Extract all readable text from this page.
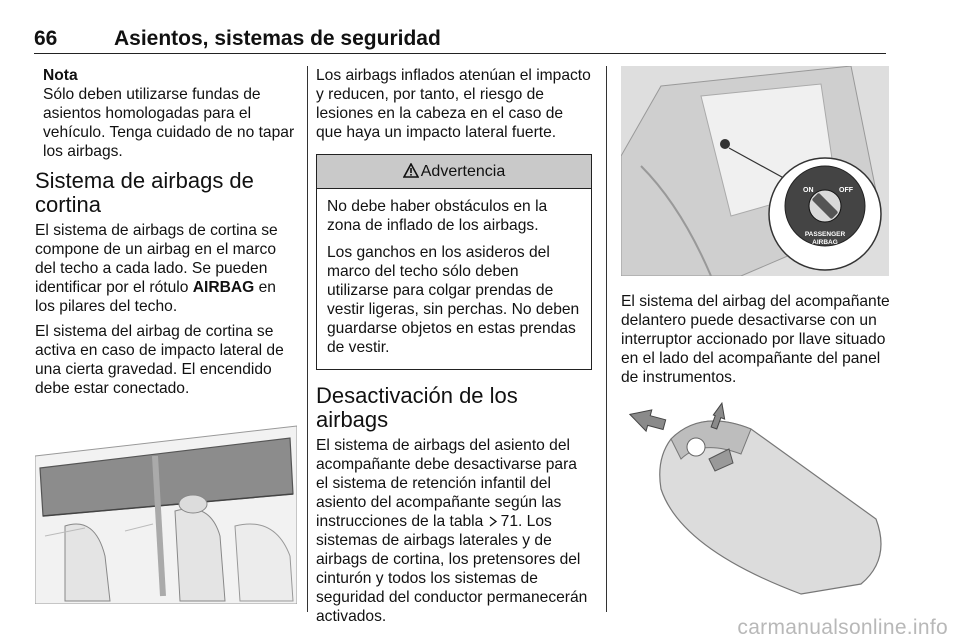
66	Asientos, sistemas de seguridad

Nota

Sólo deben utilizarse fundas de asientos homologadas para el vehículo. Tenga cuidado de no tapar los airbags.

Sistema de airbags de cortina

El sistema de airbags de cortina se compone de un airbag en el marco del techo a cada lado. Se pueden identificar por el rótulo AIRBAG en los pilares del techo.

El sistema del airbag de cortina se activa en caso de impacto lateral de una cierta gravedad. El encendido debe estar conectado.

Los airbags inflados atenúan el impacto y reducen, por tanto, el riesgo de lesiones en la cabeza en el caso de que haya un impacto lateral fuerte.

Advertencia

No debe haber obstáculos en la zona de inflado de los airbags.

Los ganchos en los asideros del marco del techo sólo deben utilizarse para colgar prendas de vestir ligeras, sin perchas. No deben guardarse objetos en estas prendas de vestir.

Desactivación de los airbags

El sistema de airbags del asiento del acompañante debe desactivarse para el sistema de retención infantil del asiento del acompañante según las instrucciones de la tabla 71. Los sistemas de airbags laterales y de airbags de cortina, los pretensores del cinturón y todos los sistemas de seguridad del conductor permanecerán activados.

ON	OFF
PASSENGER
AIRBAG

El sistema del airbag del acompañante delantero puede desactivarse con un interruptor accionado por llave situado en el lado del acompañante del panel de instrumentos.

carmanualsonline.info
